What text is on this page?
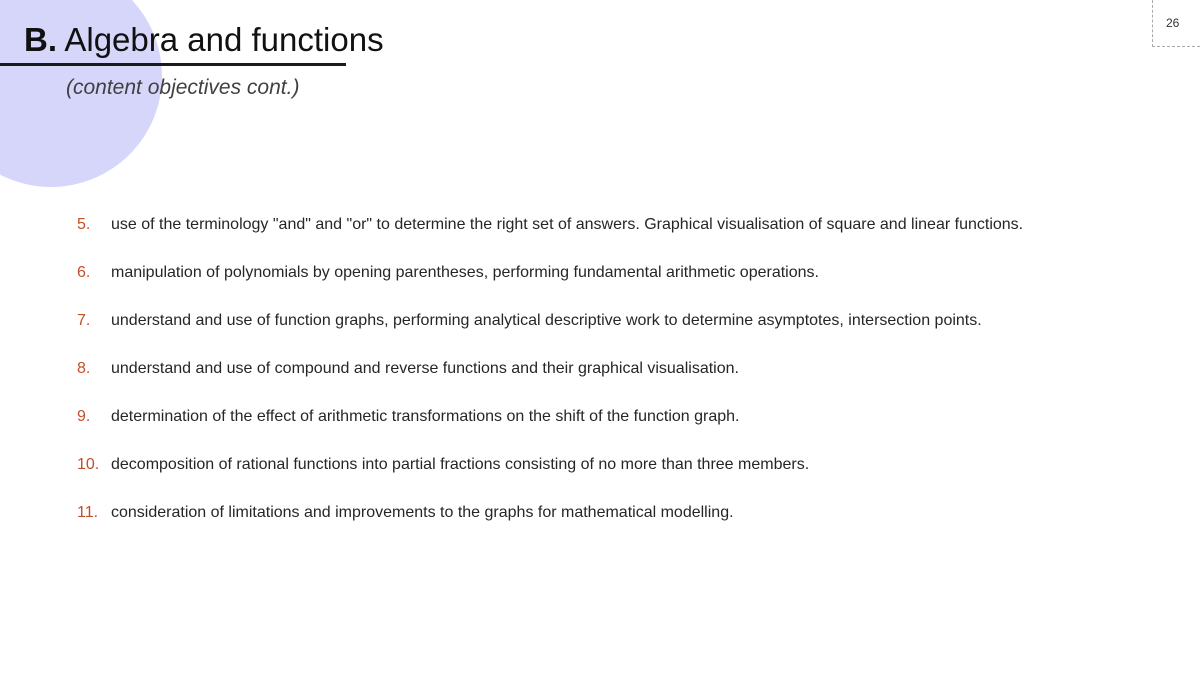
B. Algebra and functions
(content objectives cont.)
26
5.	use of the terminology "and" and "or" to determine the right set of answers. Graphical visualisation of square and linear functions.
6.	manipulation of polynomials by opening parentheses, performing fundamental arithmetic operations.
7.	understand and use of function graphs, performing analytical descriptive work to determine asymptotes, intersection points.
8.	understand and use of compound and reverse functions and their graphical visualisation.
9.	determination of the effect of arithmetic transformations on the shift of the function graph.
10. decomposition of rational functions into partial fractions consisting of no more than three members.
11. consideration of limitations and improvements to the graphs for mathematical modelling.
